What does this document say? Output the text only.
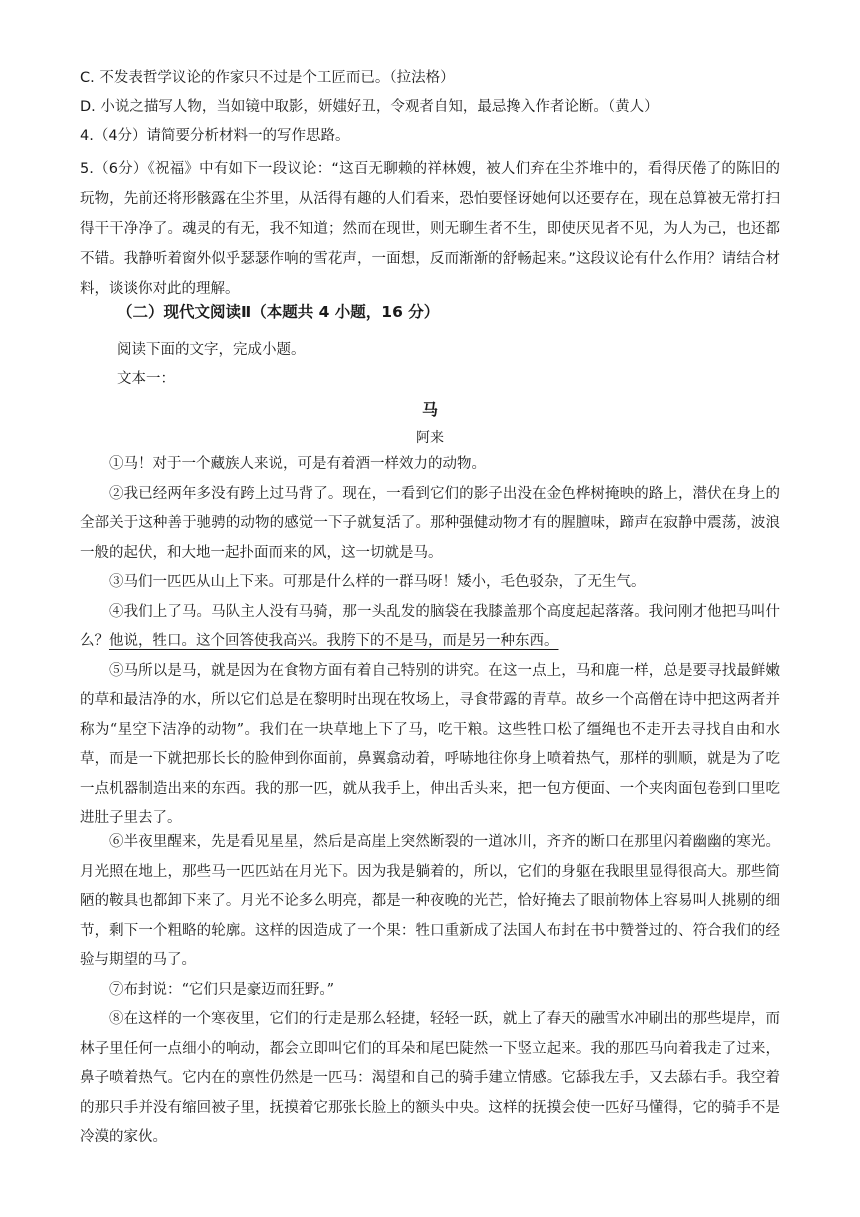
C. 不发表哲学议论的作家只不过是个工匠而已。（拉法格）
D. 小说之描写人物，当如镜中取影，妍媸好丑，令观者自知，最忌搀入作者论断。（黄人）
4.（4分）请简要分析材料一的写作思路。
5.（6分）《祝福》中有如下一段议论：“这百无聊赖的祥林嫂，被人们弃在尘芥堆中的，看得厌倦了的陈旧的玩物，先前还将形骸露在尘芥里，从活得有趣的人们看来，恐怕要怪讶她何以还要存在，现在总算被无常打扫得干干净净了。魂灵的有无，我不知道；然而在现世，则无聊生者不生，即使厌见者不见，为人为己，也还都不错。我静听着窗外似乎瑟瑟作响的雪花声，一面想，反而渐渐的舒畅起来。”这段议论有什么作用？请结合材料，谈谈你对此的理解。
（二）现代文阅读Ⅱ（本题共 4 小题，16 分）
阅读下面的文字，完成小题。
文本一：
马
阿来

①马！对于一个藏族人来说，可是有着酒一样效力的动物。

②我已经两年多没有跨上过马背了。现在，一看到它们的影子出没在金色桦树掩映的路上，潜伏在身上的全部关于这种善于驰骋的动物的感觉一下子就复活了。那种强健动物才有的腥膻味，蹄声在寂静中震荡，波浪一般的起伏，和大地一起扑面而来的风，这一切就是马。

③马们一匹匹从山上下来。可那是什么样的一群马呀！矮小，毛色驳杂，了无生气。

④我们上了马。马队主人没有马骑，那一头乱发的脑袋在我膝盖那个高度起起落落。我问刚才他把马叫什么？他说，牲口。这个回答使我高兴。我胯下的不是马，而是另一种东西。

⑤马所以是马，就是因为在食物方面有着自己特别的讲究。在这一点上，马和鹿一样，总是要寻找最鲜嫩的草和最洁净的水，所以它们总是在黎明时出现在牧场上，寻食带露的青草。故乡一个高僧在诗中把这两者并称为“星空下洁净的动物”。我们在一块草地上下了马，吃干粮。这些牲口松了缰绳也不走开去寻找自由和水草，而是一下就把那长长的脸伸到你面前，鼻翼翕动着，呼哧地往你身上喷着热气，那样的驯顺，就是为了吃一点机器制造出来的东西。我的那一匹，就从我手上，伸出舌头来，把一包方便面、一个夹肉面包卷到口里吃进肚子里去了。

⑥半夜里醒来，先是看见星星，然后是高崖上突然断裂的一道冰川，齐齐的断口在那里闪着幽幽的寒光。月光照在地上，那些马一匹匹站在月光下。因为我是躺着的，所以，它们的身躯在我眼里显得很高大。那些简陋的鞍具也都卸下来了。月光不论多么明亮，都是一种夜晚的光芒，恰好掩去了眼前物体上容易叫人挑剔的细节，剩下一个粗略的轮廓。这样的因造成了一个果：牲口重新成了法国人布封在书中赞誉过的、符合我们的经验与期望的马了。

⑦布封说：“它们只是豪迈而狂野。”

⑧在这样的一个寒夜里，它们的行走是那么轻捷，轻轻一跃，就上了春天的融雪水冲刷出的那些堤岸，而林子里任何一点细小的响动，都会立即叫它们的耳朵和尾巴陡然一下竖立起来。我的那匹马向着我走了过来，鼻子喷着热气。它内在的禀性仍然是一匹马：渴望和自己的骑手建立情感。它舔我左手，又去舔右手。我空着的那只手并没有缩回被子里，抚摸着它那张长脸上的额头中央。这样的抚摸会使一匹好马懂得，它的骑手不是冷漠的家伙。
